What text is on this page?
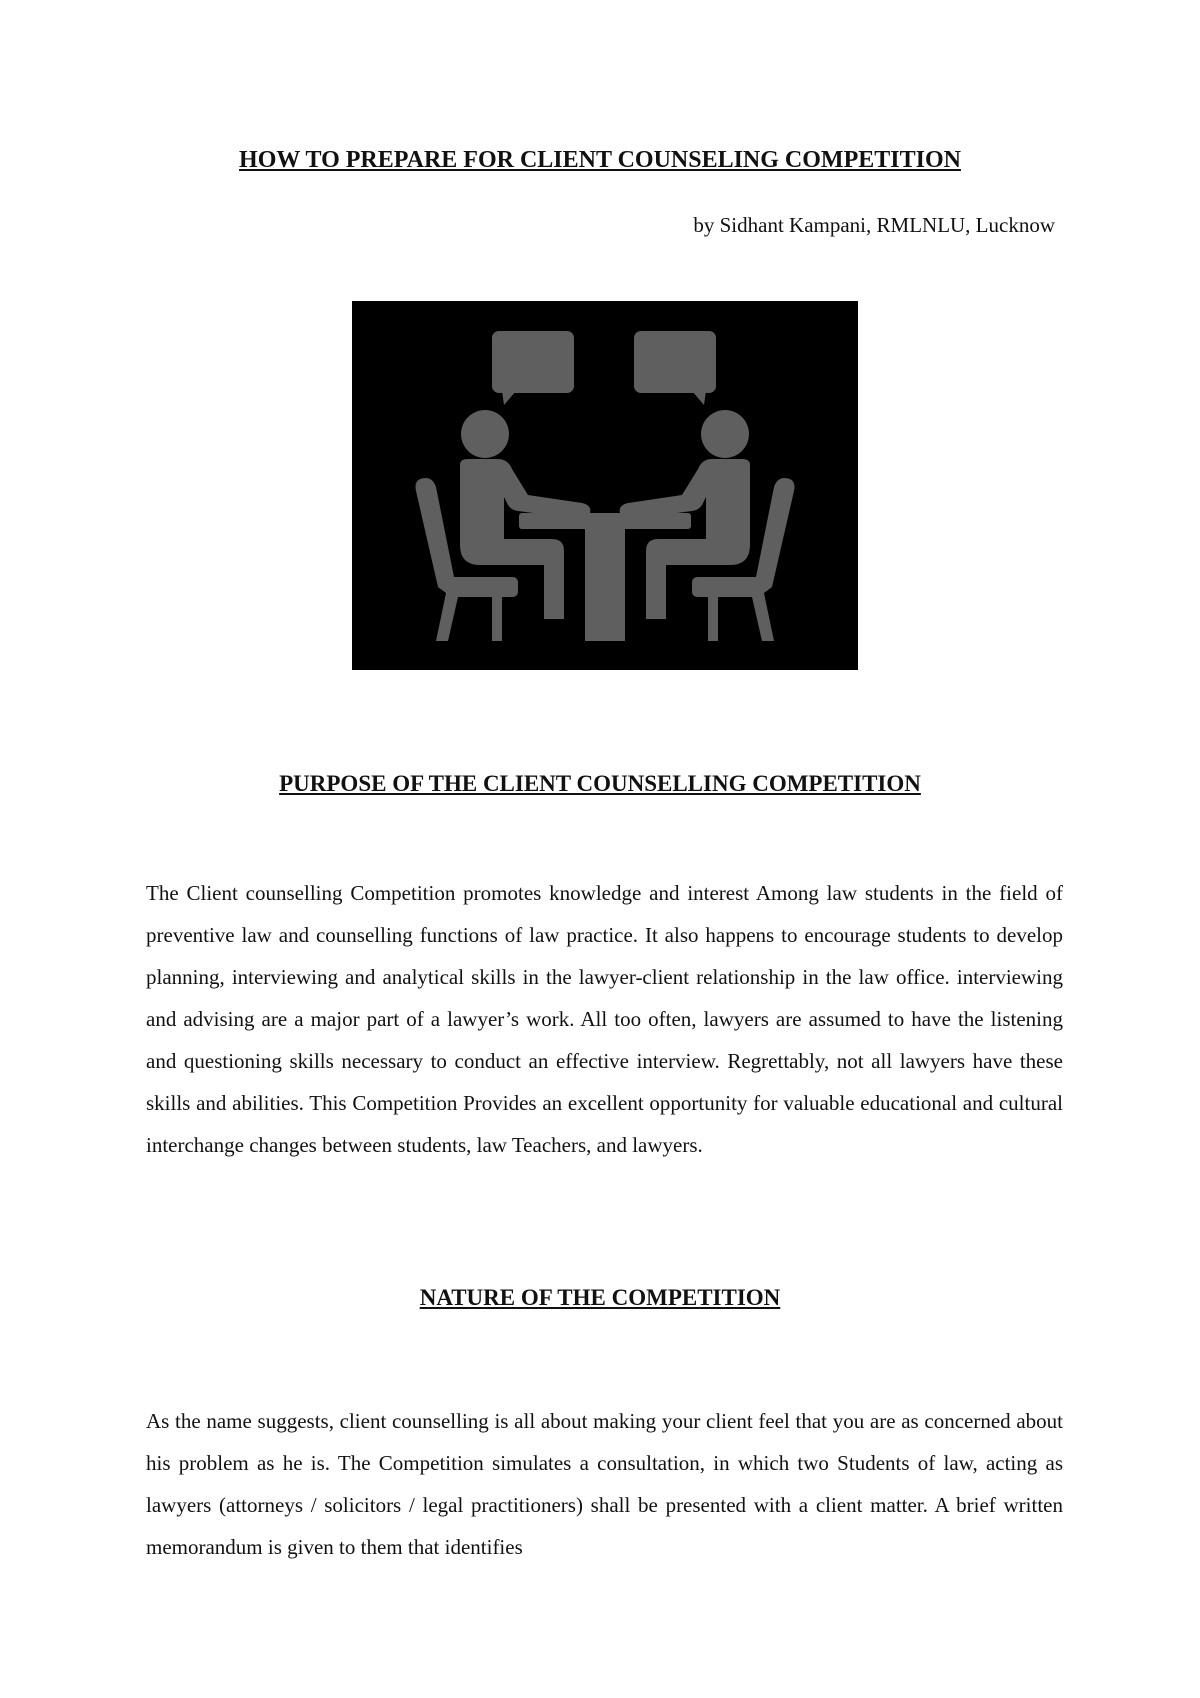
HOW TO PREPARE FOR CLIENT COUNSELING COMPETITION

by Sidhant Kampani, RMLNLU, Lucknow

PURPOSE OF THE CLIENT COUNSELLING COMPETITION

The Client counselling Competition promotes knowledge and interest Among law students in the field of preventive law and counselling functions of law practice. It also happens to encourage students to develop planning, interviewing and analytical skills in the lawyer-client relationship in the law office. interviewing and advising are a major part of a lawyer’s work. All too often, lawyers are assumed to have the listening and questioning skills necessary to conduct an effective interview. Regrettably, not all lawyers have these skills and abilities. This Competition Provides an excellent opportunity for valuable educational and cultural interchange changes between students, law Teachers, and lawyers.

NATURE OF THE COMPETITION

As the name suggests, client counselling is all about making your client feel that you are as concerned about his problem as he is. The Competition simulates a consultation, in which two Students of law, acting as lawyers (attorneys / solicitors / legal practitioners) shall be presented with a client matter. A brief written memorandum is given to them that identifies
